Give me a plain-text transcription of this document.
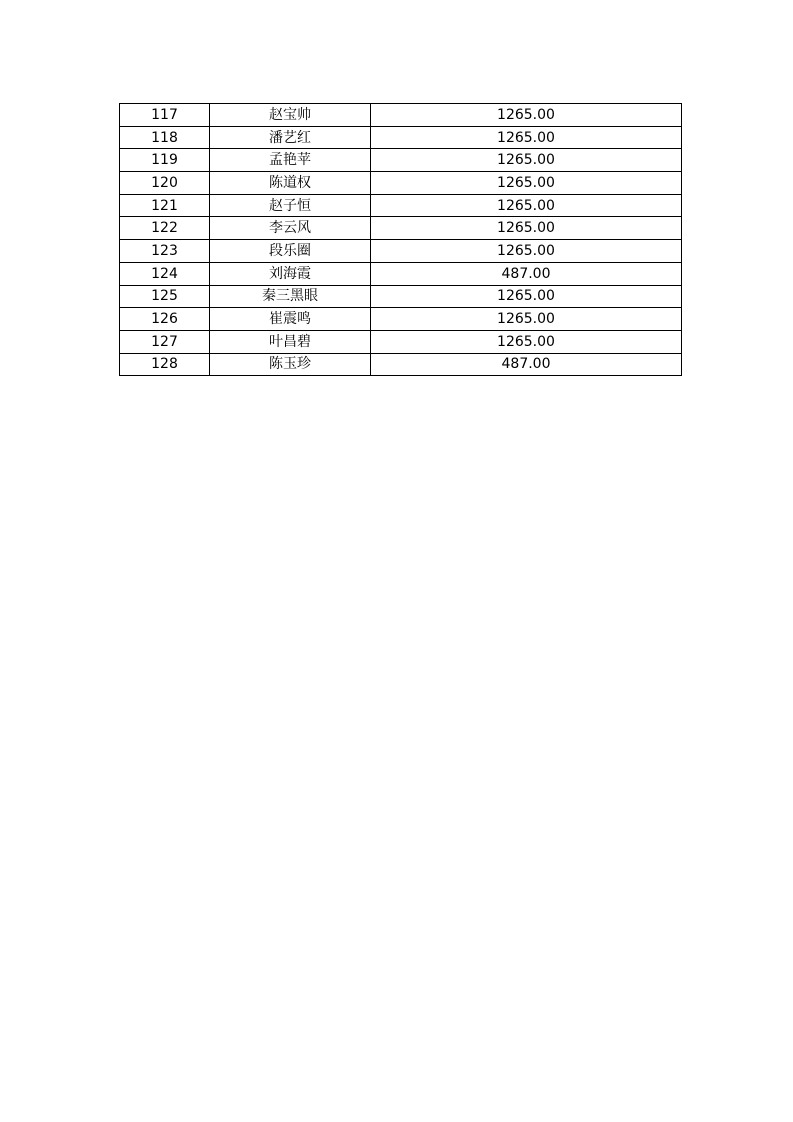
117	赵宝帅	1265.00
118	潘艺红	1265.00
119	孟艳苹	1265.00
120	陈道权	1265.00
121	赵子恒	1265.00
122	李云风	1265.00
123	段乐圈	1265.00
124	刘海霞	487.00
125	秦三黑眼	1265.00
126	崔震鸣	1265.00
127	叶昌碧	1265.00
128	陈玉珍	487.00
